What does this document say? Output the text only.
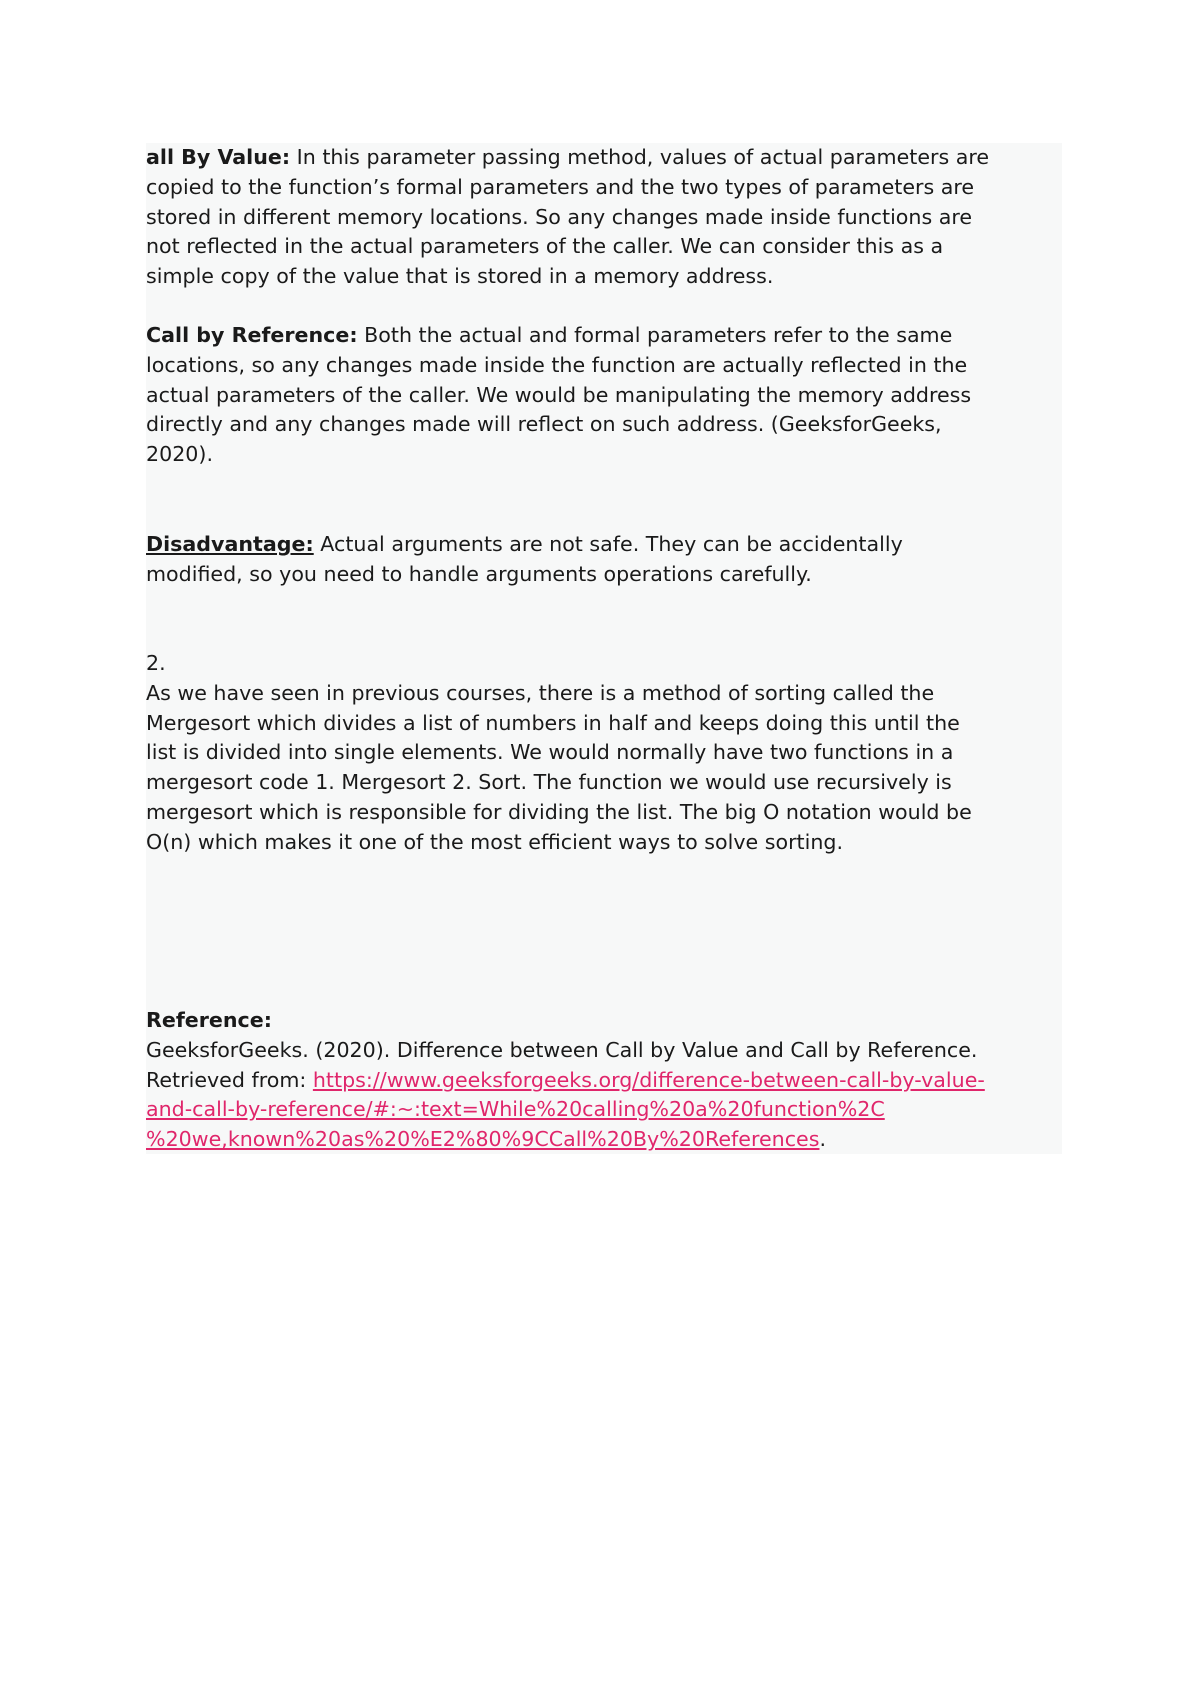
all By Value: In this parameter passing method, values of actual parameters are
copied to the function’s formal parameters and the two types of parameters are
stored in different memory locations. So any changes made inside functions are
not reflected in the actual parameters of the caller. We can consider this as a
simple copy of the value that is stored in a memory address.
Call by Reference: Both the actual and formal parameters refer to the same
locations, so any changes made inside the function are actually reflected in the
actual parameters of the caller. We would be manipulating the memory address
directly and any changes made will reflect on such address. (GeeksforGeeks,
2020).
Disadvantage: Actual arguments are not safe. They can be accidentally
modified, so you need to handle arguments operations carefully.
2.
As we have seen in previous courses, there is a method of sorting called the
Mergesort which divides a list of numbers in half and keeps doing this until the
list is divided into single elements. We would normally have two functions in a
mergesort code 1. Mergesort 2. Sort. The function we would use recursively is
mergesort which is responsible for dividing the list. The big O notation would be
O(n) which makes it one of the most efficient ways to solve sorting.
Reference:
GeeksforGeeks. (2020). Difference between Call by Value and Call by Reference.
Retrieved from: https://www.geeksforgeeks.org/difference-between-call-by-value-
and-call-by-reference/#:~:text=While%20calling%20a%20function%2C
%20we,known%20as%20%E2%80%9CCall%20By%20References.
